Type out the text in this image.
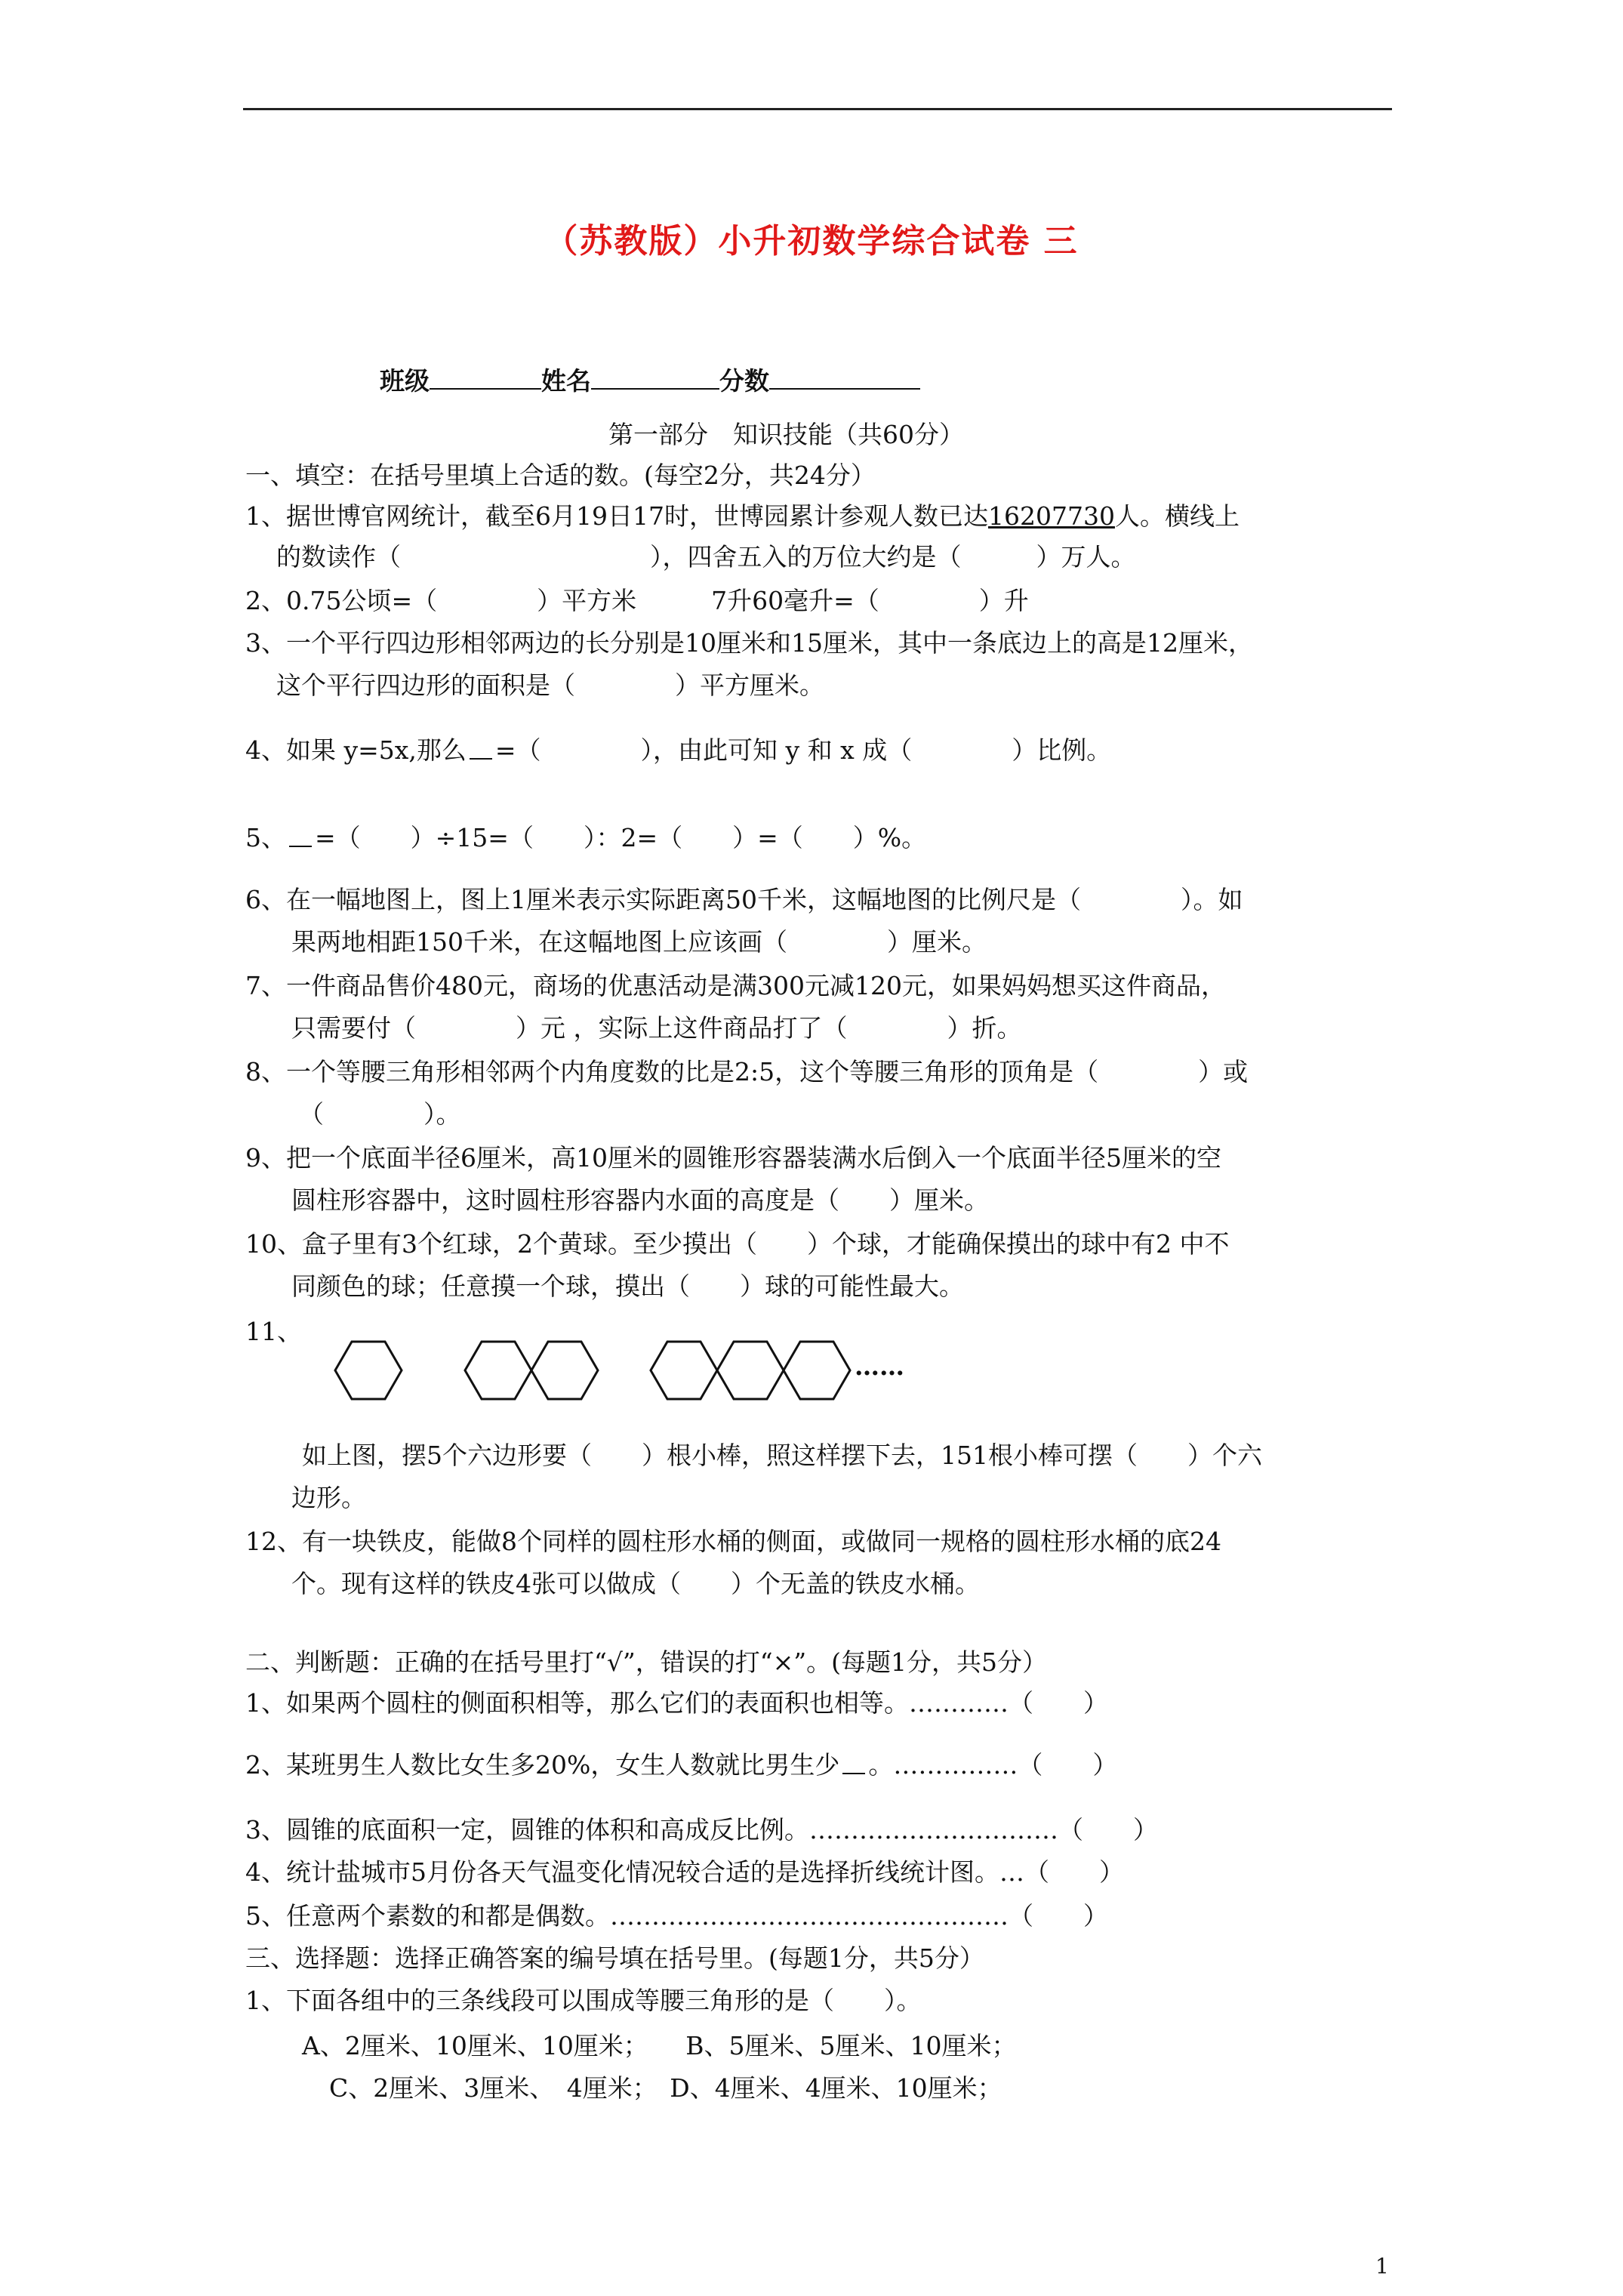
（苏教版）小升初数学综合试卷 三
班级	姓名	分数
第一部分　知识技能（共60分）
一、填空：在括号里填上合适的数。(每空2分，共24分）
1、据世博官网统计，截至6月19日17时，世博园累计参观人数已达16207730人。横线上
的数读作（　　　　　　　　　　），四舍五入的万位大约是（　　　）万人。
2、0.75公顷=（　　　　）平方米　　　7升60毫升=（　　　　）升
3、一个平行四边形相邻两边的长分别是10厘米和15厘米，其中一条底边上的高是12厘米，
这个平行四边形的面积是（　　　　）平方厘米。
4、如果 y=5x,那么 =（　　　　），由此可知 y 和 x 成（　　　　）比例。
5、 =（　　）÷15=（　　）：2=（　　）=（　　）%。
6、在一幅地图上，图上1厘米表示实际距离50千米，这幅地图的比例尺是（　　　　）。如
果两地相距150千米，在这幅地图上应该画（　　　　）厘米。
7、一件商品售价480元，商场的优惠活动是满300元减120元，如果妈妈想买这件商品，
只需要付（　　　　）元 ，实际上这件商品打了（　　　　）折。
8、一个等腰三角形相邻两个内角度数的比是2:5，这个等腰三角形的顶角是（　　　　）或
（　　　　）。
9、把一个底面半径6厘米，高10厘米的圆锥形容器装满水后倒入一个底面半径5厘米的空
圆柱形容器中，这时圆柱形容器内水面的高度是（　　）厘米。
10、盒子里有3个红球，2个黄球。至少摸出（　　）个球，才能确保摸出的球中有2 中不
同颜色的球；任意摸一个球，摸出（　　）球的可能性最大。
11、
……
如上图，摆5个六边形要（　　）根小棒，照这样摆下去，151根小棒可摆（　　）个六
边形。
12、有一块铁皮，能做8个同样的圆柱形水桶的侧面，或做同一规格的圆柱形水桶的底24
个。现有这样的铁皮4张可以做成（　　）个无盖的铁皮水桶。
二、判断题：正确的在括号里打“√”，错误的打“×”。(每题1分，共5分）
1、如果两个圆柱的侧面积相等，那么它们的表面积也相等。…………（　　）
2、某班男生人数比女生多20%，女生人数就比男生少 。……………（　　）
3、圆锥的底面积一定，圆锥的体积和高成反比例。…………………………（　　）
4、统计盐城市5月份各天气温变化情况较合适的是选择折线统计图。…（　　）
5、任意两个素数的和都是偶数。…………………………………………（　　）
三、选择题：选择正确答案的编号填在括号里。(每题1分，共5分）
1、下面各组中的三条线段可以围成等腰三角形的是（　　）。
A、2厘米、10厘米、10厘米；　　B、5厘米、5厘米、10厘米；
C、2厘米、3厘米、　4厘米；　D、4厘米、4厘米、10厘米；
1
